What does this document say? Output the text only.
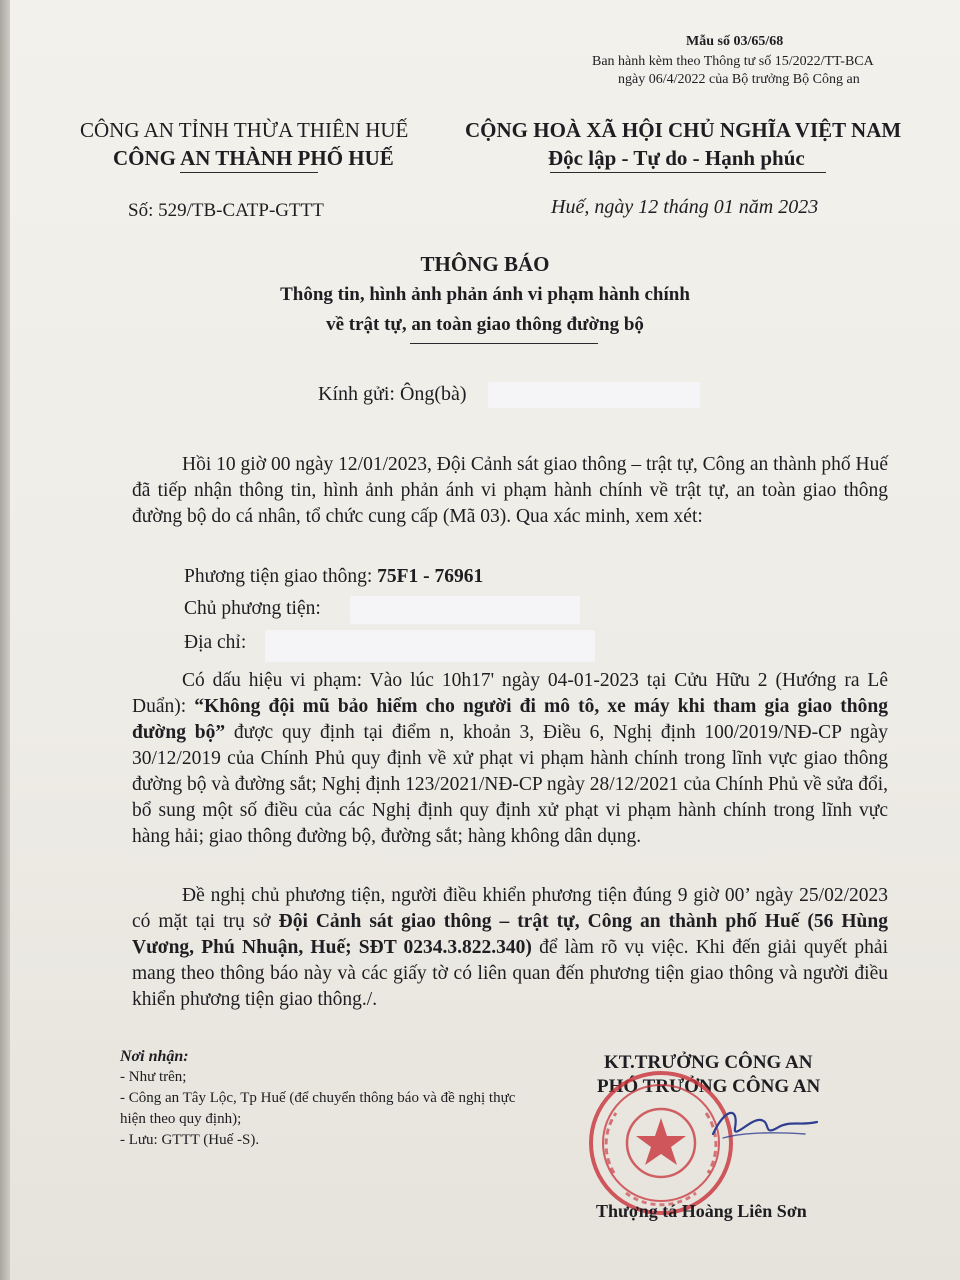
Mẫu số 03/65/68
Ban hành kèm theo Thông tư số 15/2022/TT-BCA
ngày 06/4/2022 của Bộ trưởng Bộ Công an
CÔNG AN TỈNH THỪA THIÊN HUẾ
CÔNG AN THÀNH PHỐ HUẾ
CỘNG HOÀ XÃ HỘI CHỦ NGHĨA VIỆT NAM
Độc lập - Tự do - Hạnh phúc
Số: 529/TB-CATP-GTTT	Huế, ngày 12 tháng 01 năm 2023
THÔNG BÁO
Thông tin, hình ảnh phản ánh vi phạm hành chính
về trật tự, an toàn giao thông đường bộ
Kính gửi: Ông(bà)
Hồi 10 giờ 00 ngày 12/01/2023, Đội Cảnh sát giao thông – trật tự, Công an thành phố Huế đã tiếp nhận thông tin, hình ảnh phản ánh vi phạm hành chính về trật tự, an toàn giao thông đường bộ do cá nhân, tổ chức cung cấp (Mã 03). Qua xác minh, xem xét:
Phương tiện giao thông: 75F1 - 76961
Chủ phương tiện:
Địa chỉ:
Có dấu hiệu vi phạm: Vào lúc 10h17' ngày 04-01-2023 tại Cửu Hữu 2 (Hướng ra Lê Duẩn): “Không đội mũ bảo hiểm cho người đi mô tô, xe máy khi tham gia giao thông đường bộ” được quy định tại điểm n, khoản 3, Điều 6, Nghị định 100/2019/NĐ-CP ngày 30/12/2019 của Chính Phủ quy định về xử phạt vi phạm hành chính trong lĩnh vực giao thông đường bộ và đường sắt; Nghị định 123/2021/NĐ-CP ngày 28/12/2021 của Chính Phủ về sửa đổi, bổ sung một số điều của các Nghị định quy định xử phạt vi phạm hành chính trong lĩnh vực hàng hải; giao thông đường bộ, đường sắt; hàng không dân dụng.
Đề nghị chủ phương tiện, người điều khiển phương tiện đúng 9 giờ 00’ ngày 25/02/2023 có mặt tại trụ sở Đội Cảnh sát giao thông – trật tự, Công an thành phố Huế (56 Hùng Vương, Phú Nhuận, Huế; SĐT 0234.3.822.340) để làm rõ vụ việc. Khi đến giải quyết phải mang theo thông báo này và các giấy tờ có liên quan đến phương tiện giao thông và người điều khiển phương tiện giao thông./.
Nơi nhận:
- Như trên;
- Công an Tây Lộc, Tp Huế (để chuyển thông báo và đề nghị thực hiện theo quy định);
- Lưu: GTTT (Huế -S).
KT.TRƯỞNG CÔNG AN
PHÓ TRƯỞNG CÔNG AN
Thượng tá Hoàng Liên Sơn
